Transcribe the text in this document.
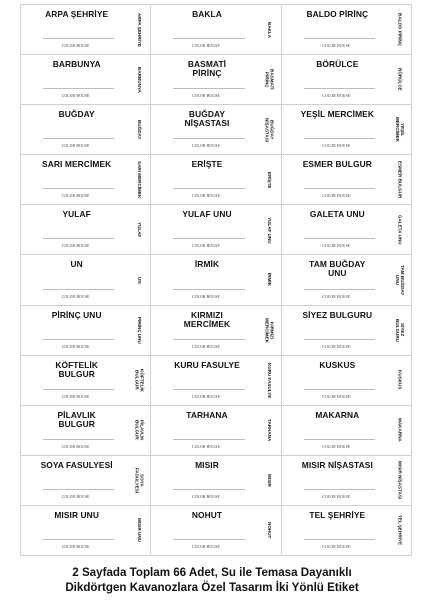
ARPA ŞEHRİYE
COLOR HOUSE	ARPA ŞEHRİYE	BAKLA
COLOR HOUSE
BAKLA
BALDO PİRİNÇ
COLOR HOUSE	BALDO PİRİNÇ
BARBUNYA
COLOR HOUSE
BARBUNYA
BASMATİ
PİRİNÇ
COLOR HOUSE
BASMATİ
PİRİNÇ
BÖRÜLCE
COLOR HOUSE
BÖRÜLCE
BUĞDAY
COLOR HOUSE
BUĞDAY
BUĞDAY
NİŞASTASI
COLOR HOUSE
BUĞDAY
NİŞASTASI
YEŞİL MERCİMEK
COLOR HOUSE
YEŞİL
MERCİMEK
SARI MERCİMEK
COLOR HOUSE	SARI MERCİMEK	ERİŞTE
COLOR HOUSE
ERİŞTE
ESMER BULGUR
COLOR HOUSE	ESMER BULGUR
YULAF
COLOR HOUSE
YULAF
YULAF UNU
COLOR HOUSE
YULAF UNU
GALETA UNU
COLOR HOUSE
GALETA UNU
UN
COLOR HOUSE
UN
İRMİK
COLOR HOUSE
İRMİK
TAM BUĞDAY
UNU
COLOR HOUSE
TAM BUĞDAY
UNU
PİRİNÇ UNU
COLOR HOUSE
PİRİNÇ UNU
KIRMIZI
MERCİMEK
COLOR HOUSE
KIRMIZI
MERCİMEK
SİYEZ BULGURU
COLOR HOUSE
SİYEZ
BULGURU
KÖFTELİK
BULGUR
COLOR HOUSE
KÖFTELİK
BULGUR
KURU FASULYE
COLOR HOUSE	KURU FASULYE	KUSKUS
COLOR HOUSE
KUSKUS
PİLAVLIK
BULGUR
COLOR HOUSE
PİLAVLIK
BULGUR
TARHANA
COLOR HOUSE
TARHANA
MAKARNA
COLOR HOUSE
MAKARNA
SOYA FASULYESİ
COLOR HOUSE
SOYA
FASULYESİ
MISIR
COLOR HOUSE
MISIR
MISIR NİŞASTASI
COLOR HOUSE	MISIR NİŞASTASI
MISIR UNU
COLOR HOUSE
MISIR UNU
NOHUT
COLOR HOUSE
NOHUT
TEL ŞEHRİYE
COLOR HOUSE
TEL ŞEHRİYE
2 Sayfada Toplam 66 Adet, Su ile Temasa Dayanıklı
Dikdörtgen Kavanozlara Özel Tasarım İki Yönlü Etiket
